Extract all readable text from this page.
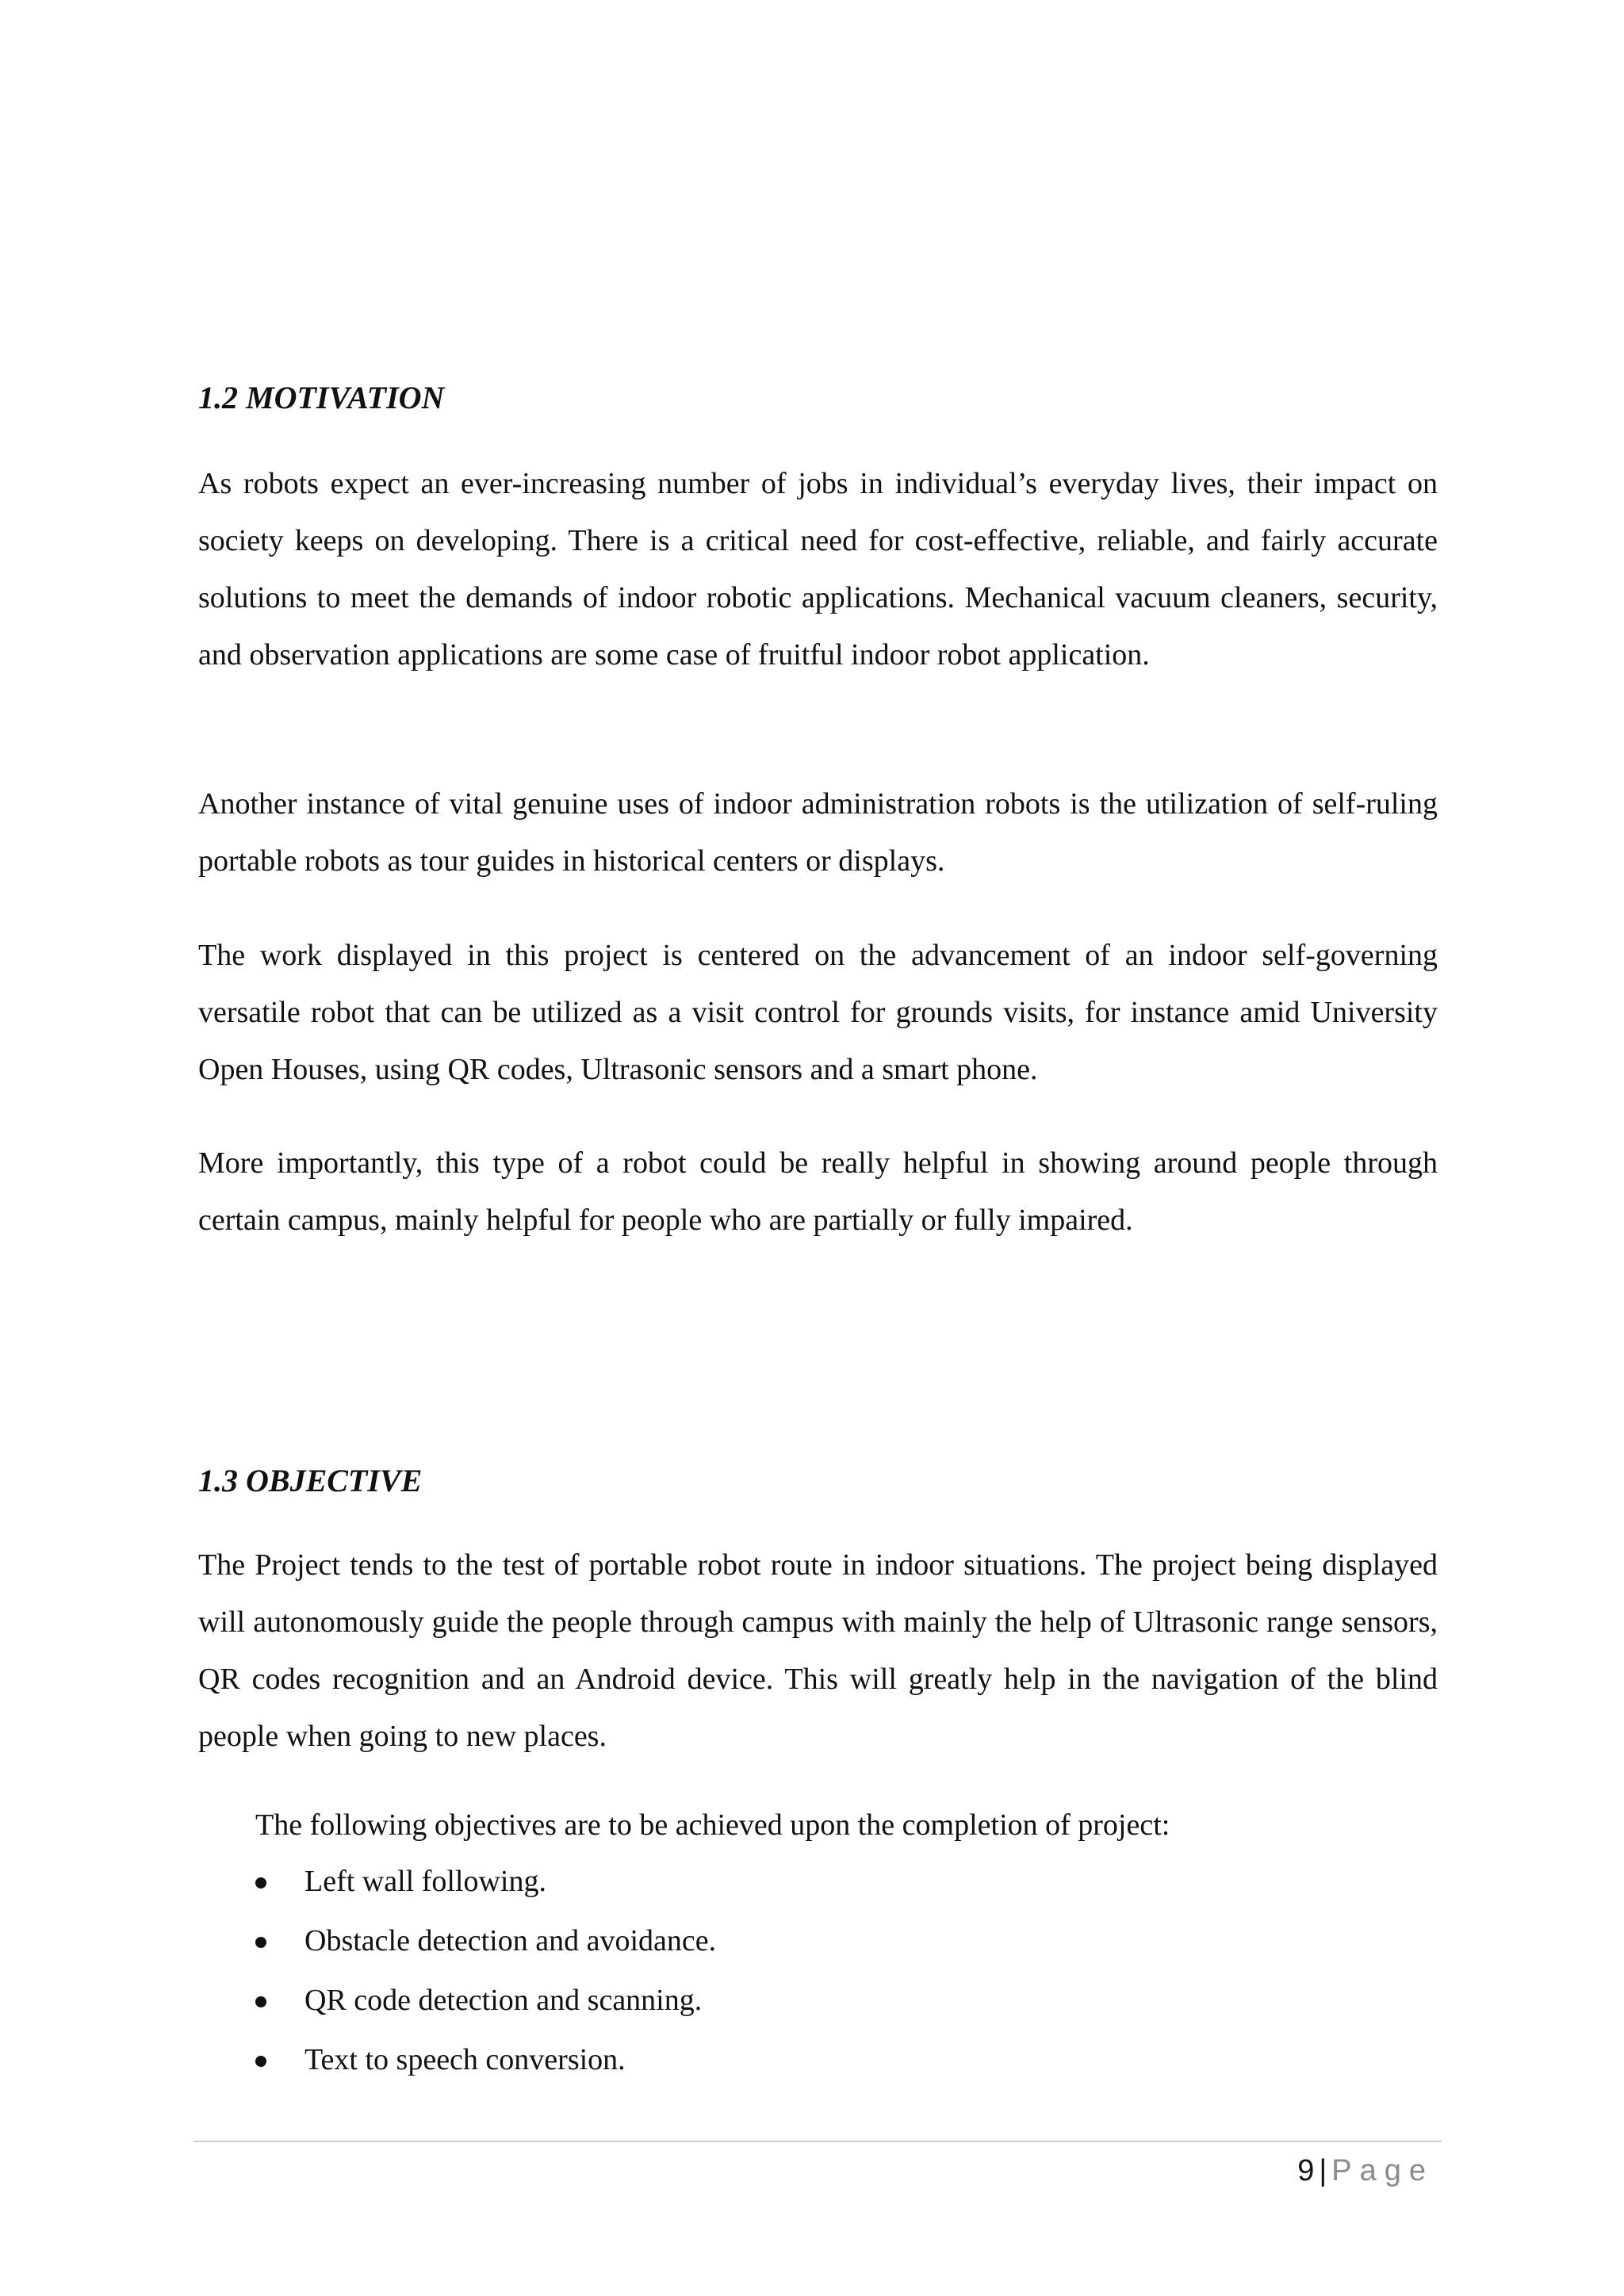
1.2 MOTIVATION

As robots expect an ever-increasing number of jobs in individual’s everyday lives, their impact on society keeps on developing. There is a critical need for cost-effective, reliable, and fairly accurate solutions to meet the demands of indoor robotic applications. Mechanical vacuum cleaners, security, and observation applications are some case of fruitful indoor robot application.

Another instance of vital genuine uses of indoor administration robots is the utilization of self-ruling portable robots as tour guides in historical centers or displays.

The work displayed in this project is centered on the advancement of an indoor self-governing versatile robot that can be utilized as a visit control for grounds visits, for instance amid University Open Houses, using QR codes, Ultrasonic sensors and a smart phone.

More importantly, this type of a robot could be really helpful in showing around people through certain campus, mainly helpful for people who are partially or fully impaired.

1.3 OBJECTIVE

The Project tends to the test of portable robot route in indoor situations. The project being displayed will autonomously guide the people through campus with mainly the help of Ultrasonic range sensors, QR codes recognition and an Android device. This will greatly help in the navigation of the blind people when going to new places.

The following objectives are to be achieved upon the completion of project:

Left wall following.
Obstacle detection and avoidance.
QR code detection and scanning.
Text to speech conversion.
9 | Page
